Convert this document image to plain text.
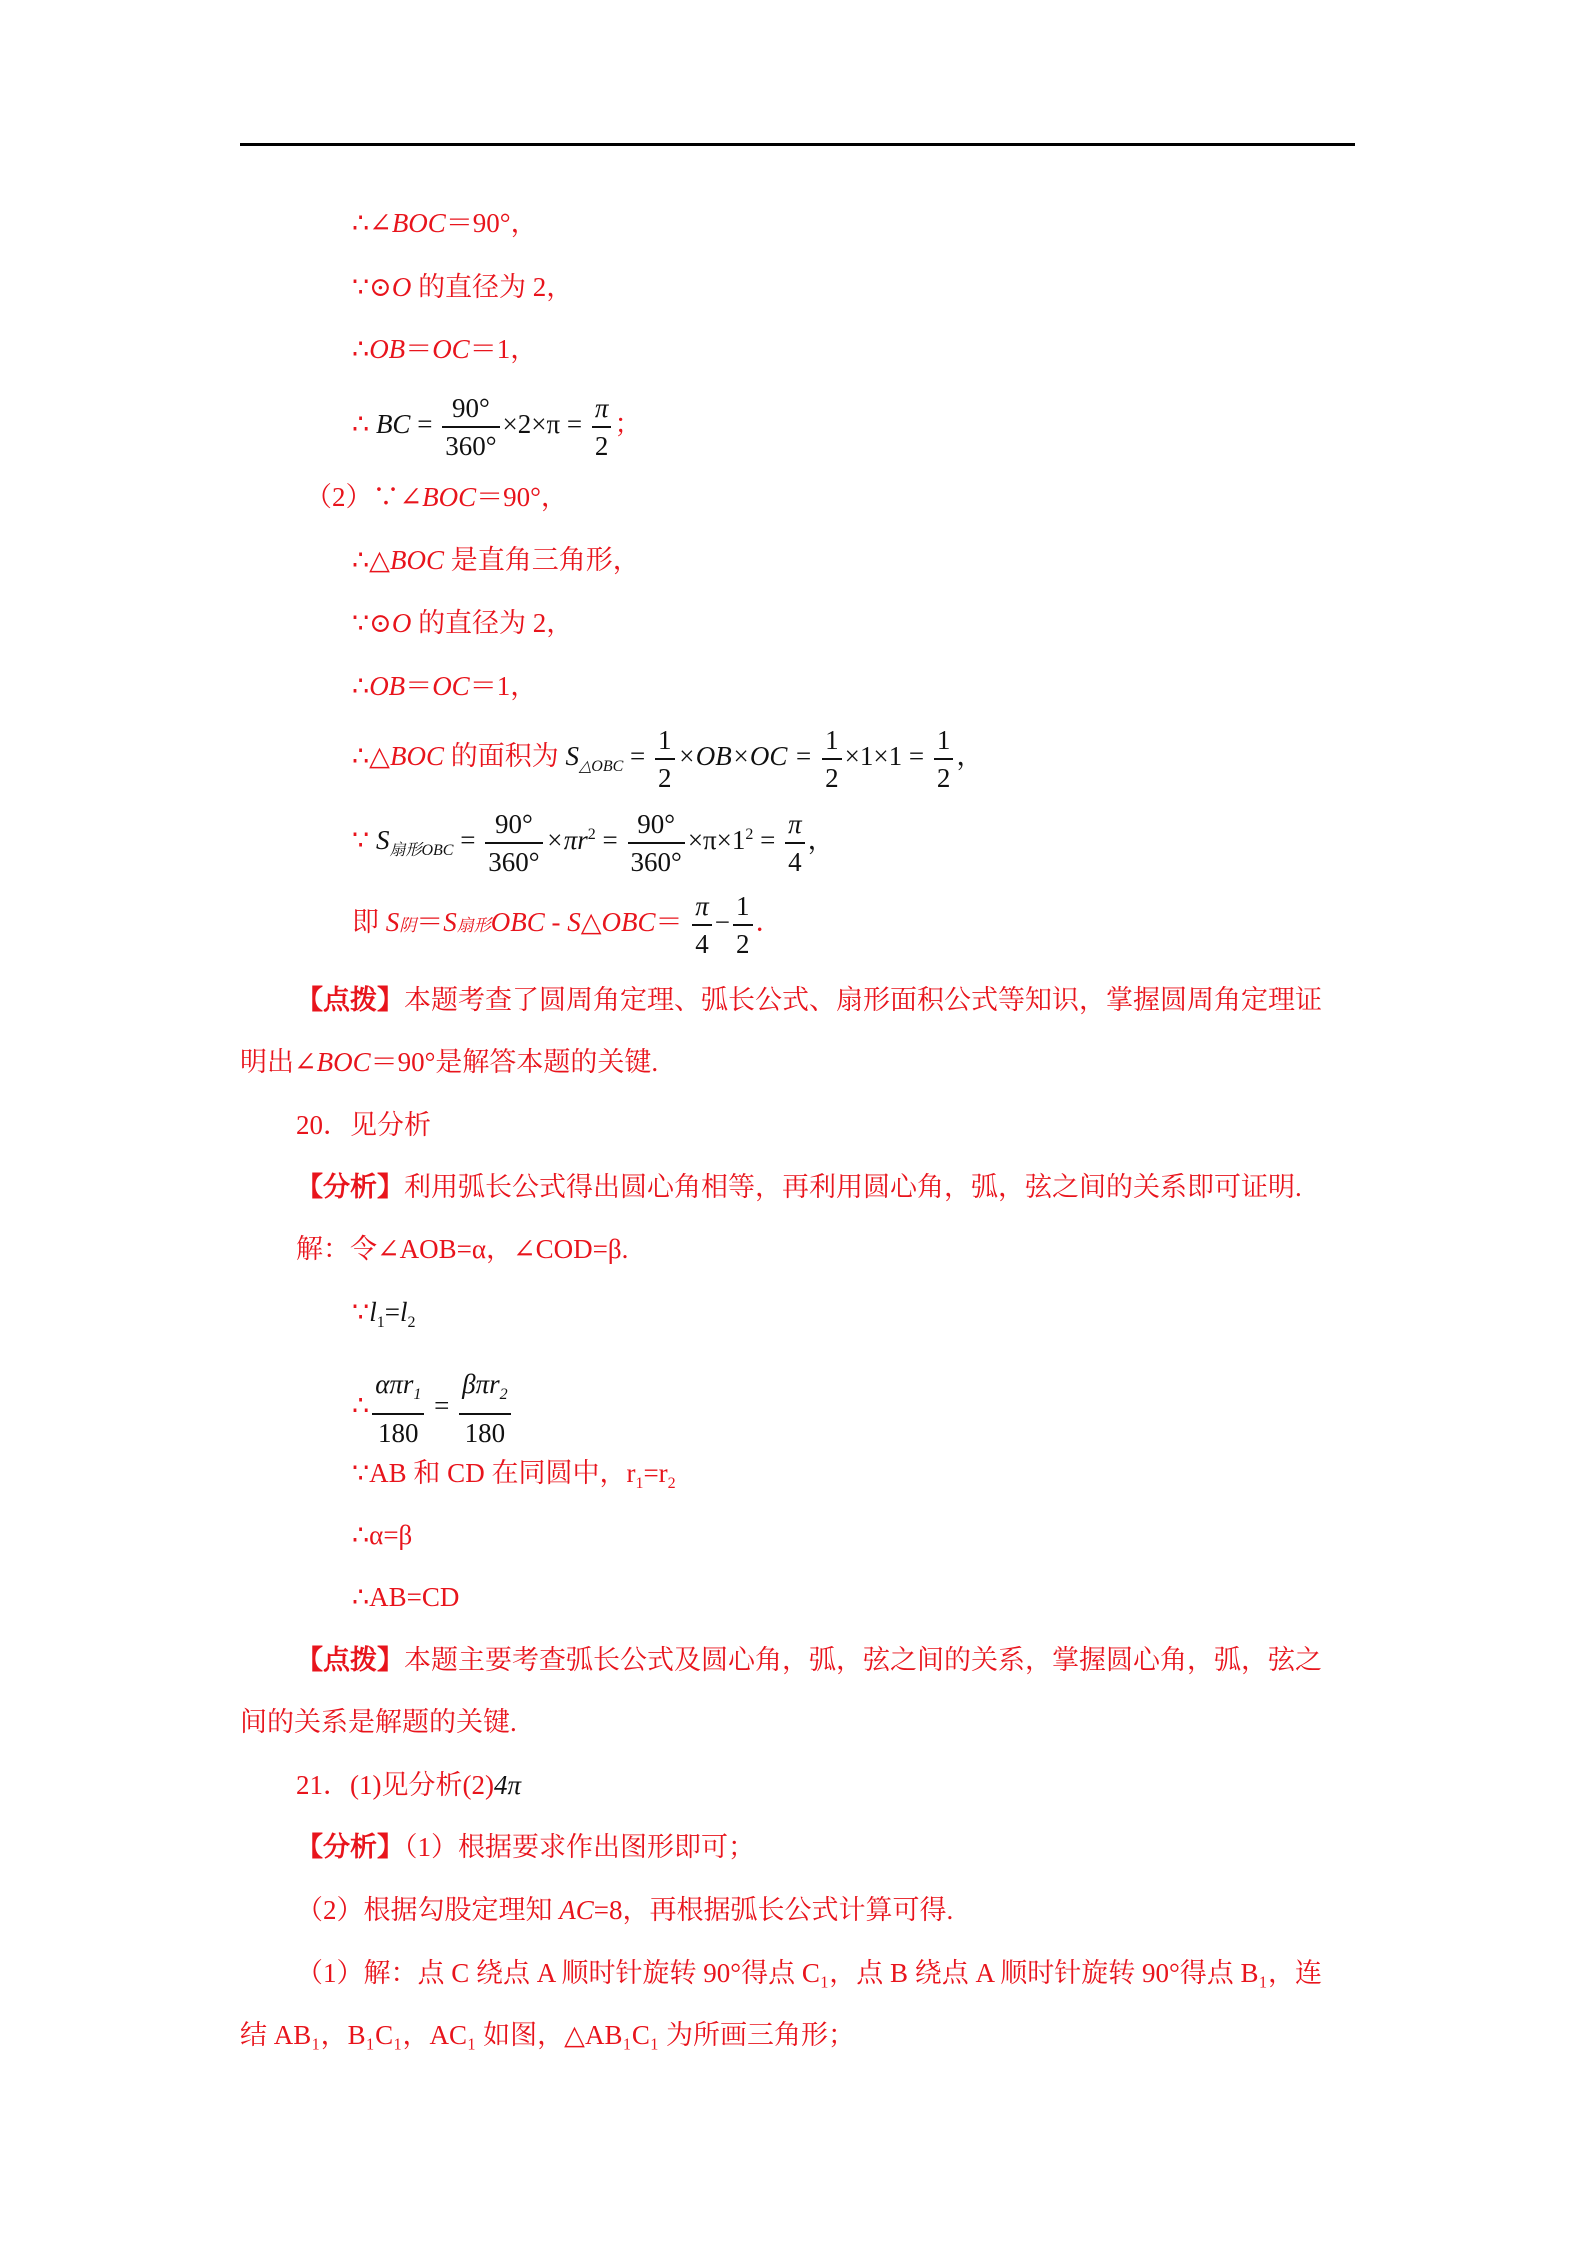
∴∠BOC＝90°，
∵⊙O 的直径为 2，
∴OB＝OC＝1，
∴ BC = $\frac{90^\circ}{360^\circ} \times 2\times\pi = \frac{\pi}{2}$ ；
（2）∵∠BOC＝90°，
∴△BOC 是直角三角形，
∵⊙O 的直径为 2，
∴OB＝OC＝1，
∴△BOC 的面积为 $S_{\triangle OBC} = \frac{1}{2} \times OB\times OC = \frac{1}{2} \times 1\times 1 = \frac{1}{2}$ ，
∵ $S_{扇形OBC} = \frac{90^\circ}{360^\circ} \times\pi r^2 = \frac{90^\circ}{360^\circ} \times\pi\times 1^2 = \frac{\pi}{4}$ ，
即 S阴＝S扇形OBC - S△OBC＝ $\frac{\pi}{4} - \frac{1}{2}$ ．
【点拨】本题考查了圆周角定理、弧长公式、扇形面积公式等知识，掌握圆周角定理证
明出∠BOC＝90°是解答本题的关键.
20．见分析
【分析】利用弧长公式得出圆心角相等，再利用圆心角，弧，弦之间的关系即可证明.
解：令∠AOB=α，∠COD=β.
$\because l_1=l_2$
∴ $\frac{\alpha\pi r_1}{180} = \frac{\beta\pi r_2}{180}$
∵AB 和 CD 在同圆中，$r_1=r_2$
∴α=β
∴AB=CD
【点拨】本题主要考查弧长公式及圆心角，弧，弦之间的关系，掌握圆心角，弧，弦之
间的关系是解题的关键.
21．(1)见分析(2)4π
【分析】（1）根据要求作出图形即可；
（2）根据勾股定理知 AC=8，再根据弧长公式计算可得.
（1）解：点 C 绕点 A 顺时针旋转 90°得点 C₁，点 B 绕点 A 顺时针旋转 90°得点 B₁，连
结 AB₁，B₁C₁，AC₁ 如图，△AB₁C₁ 为所画三角形；
